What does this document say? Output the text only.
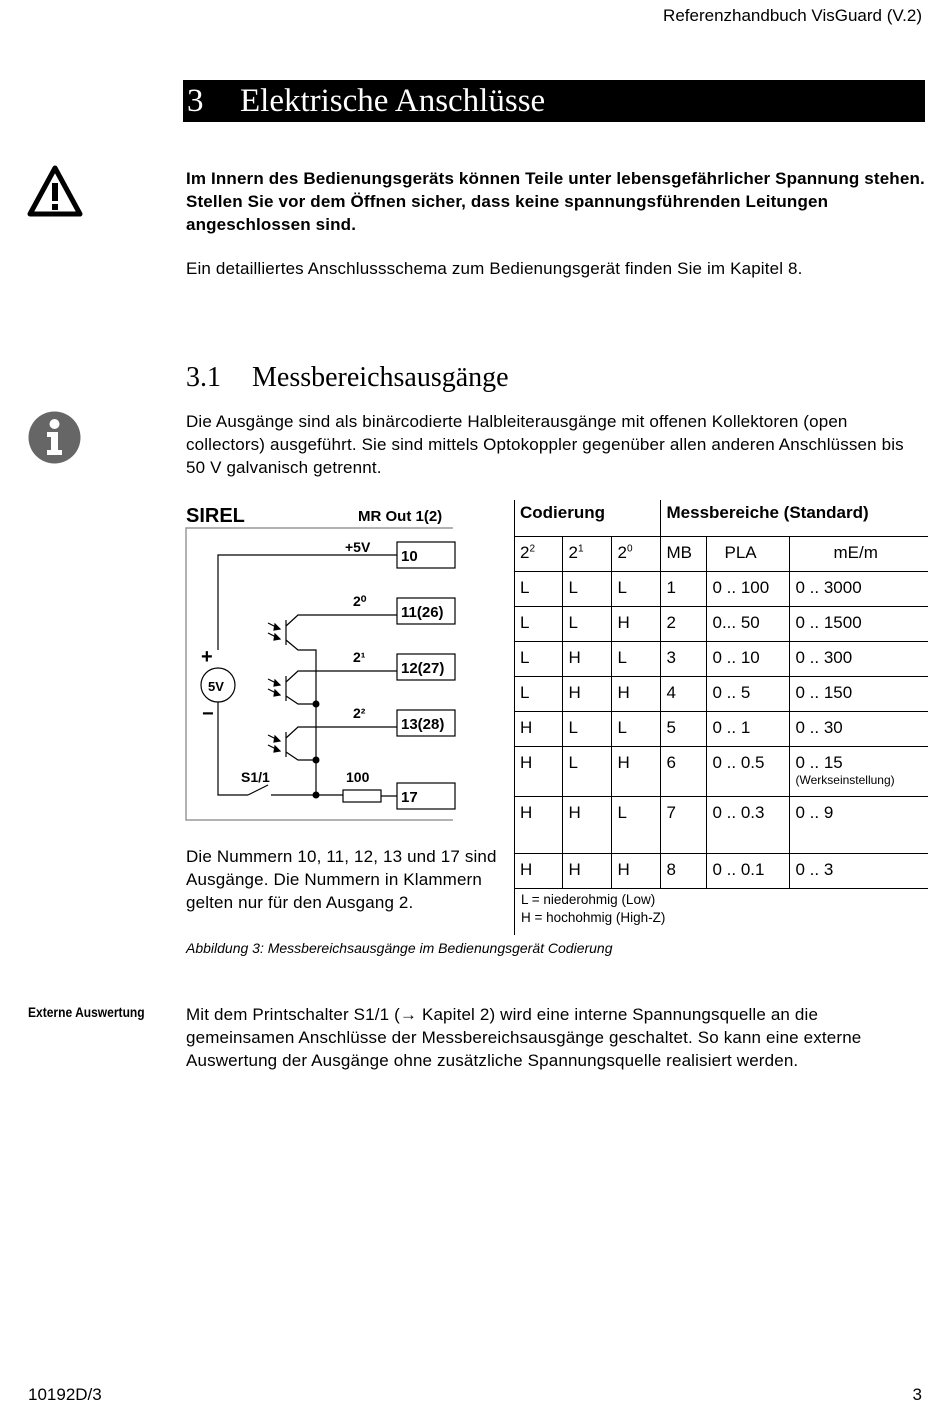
Referenzhandbuch VisGuard (V.2)
3 Elektrische Anschlüsse
Im Innern des Bedienungsgeräts können Teile unter lebensgefährlicher Spannung stehen. Stellen Sie vor dem Öffnen sicher, dass keine spannungsführenden Leitungen angeschlossen sind.
Ein detailliertes Anschlussschema zum Bedienungsgerät finden Sie im Kapitel 8.
3.1 Messbereichsausgänge
Die Ausgänge sind als binärcodierte Halbleiterausgänge mit offenen Kollektoren (open collectors) ausgeführt. Sie sind mittels Optokoppler gegenüber allen anderen Anschlüssen bis 50 V galvanisch getrennt.
SIREL	MR Out 1(2)
+5V
5V
+
−
S1/1	100
2⁰
2¹
2²
10
11(26)
12(27)
13(28)
17
Die Nummern 10, 11, 12, 13 und 17 sind Ausgänge. Die Nummern in Klammern gelten nur für den Ausgang 2.
Codierung			Messbereiche (Standard)		
$2^2$	$2^1$	$2^0$	MB	PLA	mE/m
L	L	L	1	0 .. 100	0 .. 3000
L	L	H	2	0... 50	0 .. 1500
L	H	L	3	0 .. 10	0 .. 300
L	H	H	4	0 .. 5	0 .. 150
H	L	L	5	0 .. 1	0 .. 30
H	L	H	6	0 .. 0.5	0 .. 15
(Werkseinstellung)

H	H	L	7	0 .. 0.3	0 .. 9
H	H	H	8	0 .. 0.1	0 .. 3
L = niederohmig (Low)
H = hochohmig (High-Z)
Abbildung 3: Messbereichsausgänge im Bedienungsgerät Codierung
Externe Auswertung Mit dem Printschalter S1/1 (→ Kapitel 2) wird eine interne Spannungsquelle an die gemeinsamen Anschlüsse der Messbereichsausgänge geschaltet. So kann eine externe Auswertung der Ausgänge ohne zusätzliche Spannungsquelle realisiert werden.
10192D/3	3
